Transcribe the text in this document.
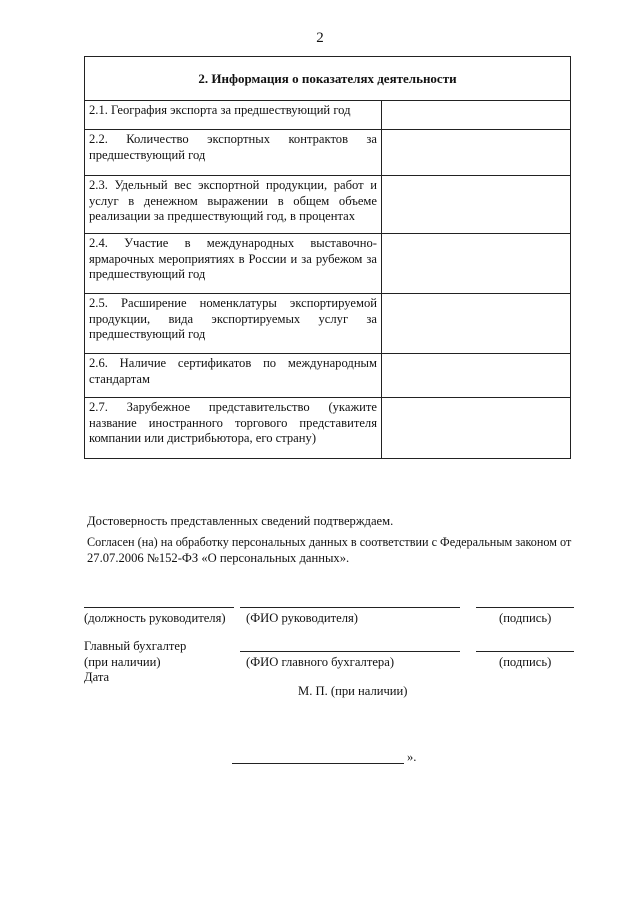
2
2. Информация о показателях деятельности	
2.1. География экспорта за предшествующий год	
2.2. Количество экспортных контрактов за предшествующий год	
2.3. Удельный вес экспортной продукции, работ и услуг в денежном выражении в общем объеме реализации за предшествующий год, в процентах	
2.4. Участие в международных выставочно-ярмарочных мероприятиях в России и за рубежом за предшествующий год	
2.5. Расширение номенклатуры экспортируемой продукции, вида экспортируемых услуг за предшествующий год	
2.6. Наличие сертификатов по международным стандартам	
2.7. Зарубежное представительство (укажите название иностранного торгового представителя компании или дистрибьютора, его страну)	
Достоверность представленных сведений подтверждаем.
Согласен (на) на обработку персональных данных в соответствии с Федеральным законом от
27.07.2006 №152-ФЗ «О персональных данных».
(должность руководителя) (ФИО руководителя)	(подпись)
Главный бухгалтер
(при наличии)	(ФИО главного бухгалтера)	(подпись)
Дата
М. П. (при наличии)
».
